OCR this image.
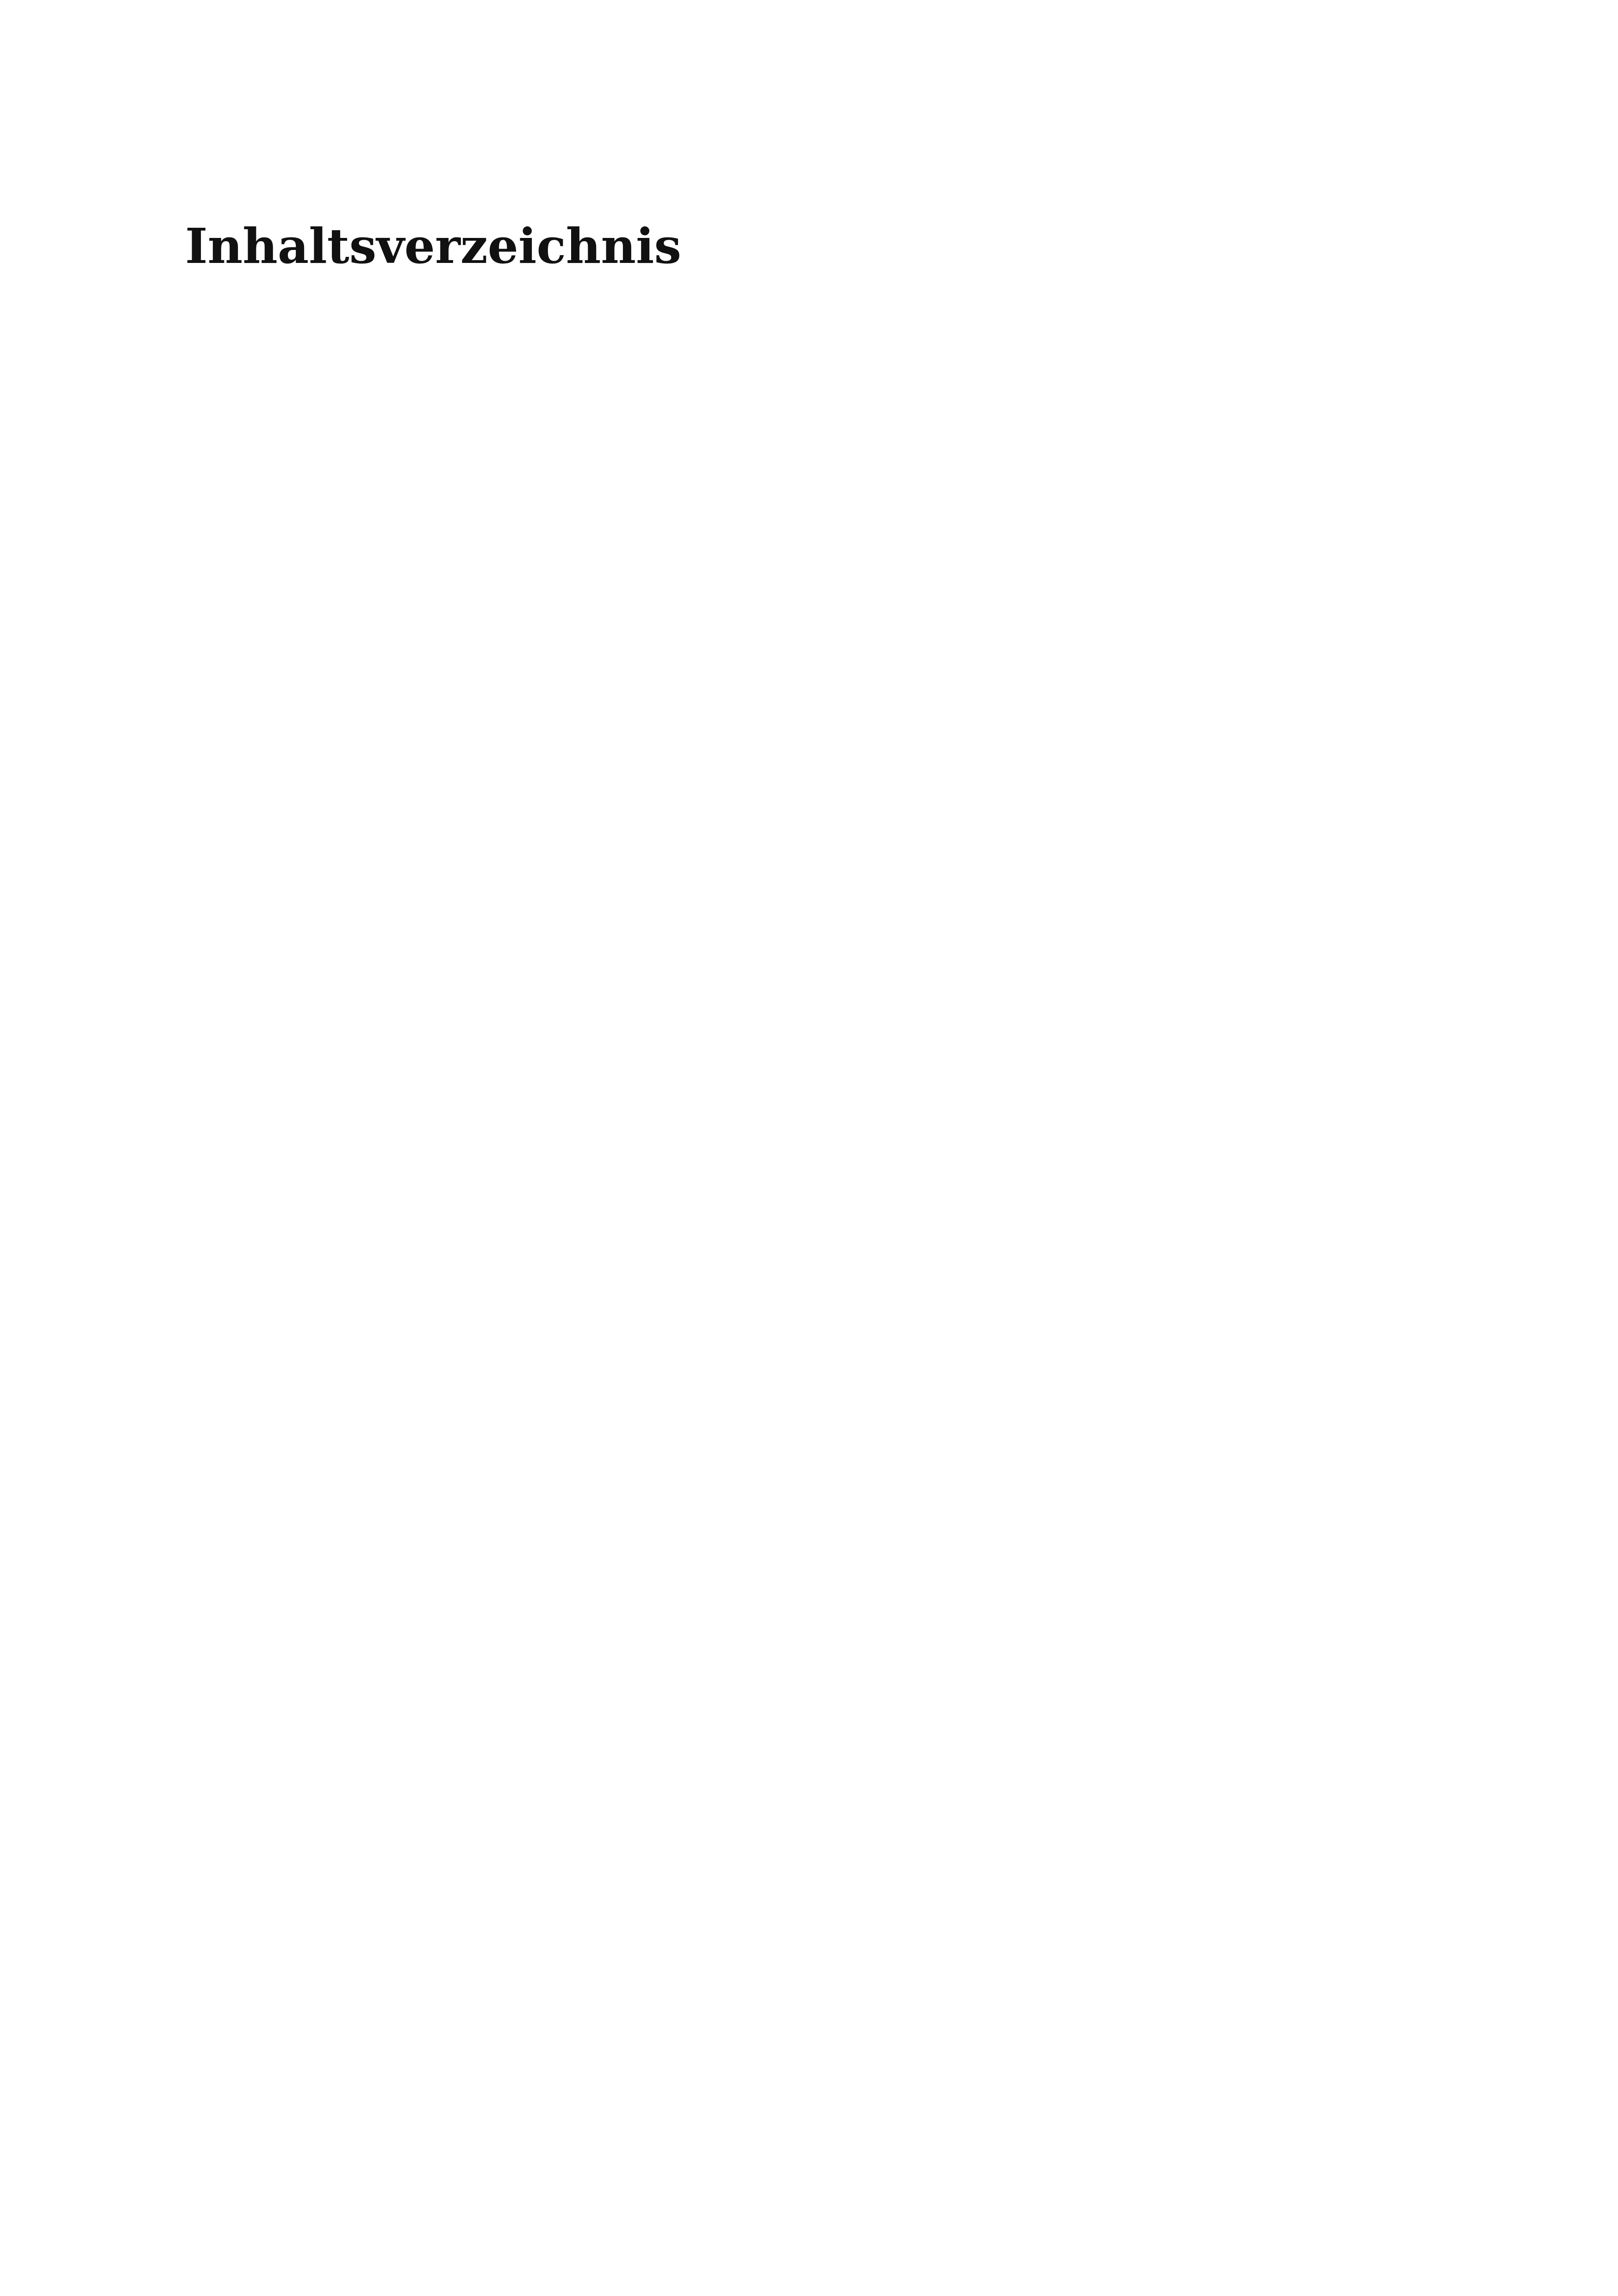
Inhaltsverzeichnis
